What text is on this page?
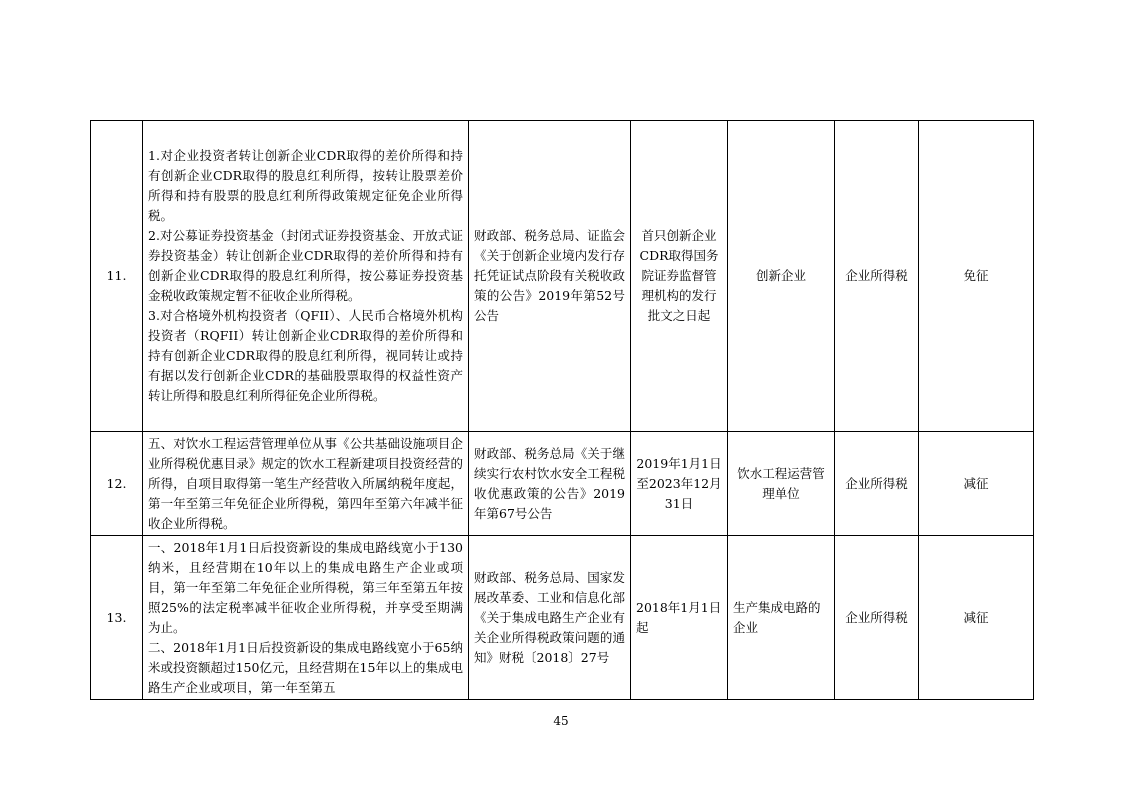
11.	1.对企业投资者转让创新企业CDR取得的差价所得和持有创新企业CDR取得的股息红利所得，按转让股票差价所得和持有股票的股息红利所得政策规定征免企业所得税。
2.对公募证券投资基金（封闭式证券投资基金、开放式证券投资基金）转让创新企业CDR取得的差价所得和持有创新企业CDR取得的股息红利所得，按公募证券投资基金税收政策规定暂不征收企业所得税。
3.对合格境外机构投资者（QFII）、人民币合格境外机构投资者（RQFII）转让创新企业CDR取得的差价所得和持有创新企业CDR取得的股息红利所得，视同转让或持有据以发行创新企业CDR的基础股票取得的权益性资产转让所得和股息红利所得征免企业所得税。	财政部、税务总局、证监会《关于创新企业境内发行存托凭证试点阶段有关税收政策的公告》2019年第52号公告	首只创新企业CDR取得国务院证券监督管理机构的发行批文之日起	创新企业	企业所得税	免征
12.	五、对饮水工程运营管理单位从事《公共基础设施项目企业所得税优惠目录》规定的饮水工程新建项目投资经营的所得，自项目取得第一笔生产经营收入所属纳税年度起，第一年至第三年免征企业所得税，第四年至第六年减半征收企业所得税。	财政部、税务总局《关于继续实行农村饮水安全工程税收优惠政策的公告》2019年第67号公告	2019年1月1日至2023年12月31日	饮水工程运营管理单位	企业所得税	减征
13.	一、2018年1月1日后投资新设的集成电路线宽小于130纳米，且经营期在10年以上的集成电路生产企业或项目，第一年至第二年免征企业所得税，第三年至第五年按照25%的法定税率减半征收企业所得税，并享受至期满为止。
二、2018年1月1日后投资新设的集成电路线宽小于65纳米或投资额超过150亿元，且经营期在15年以上的集成电路生产企业或项目，第一年至第五	财政部、税务总局、国家发展改革委、工业和信息化部《关于集成电路生产企业有关企业所得税政策问题的通知》财税〔2018〕27号	2018年1月1日起	生产集成电路的企业	企业所得税	减征
45
